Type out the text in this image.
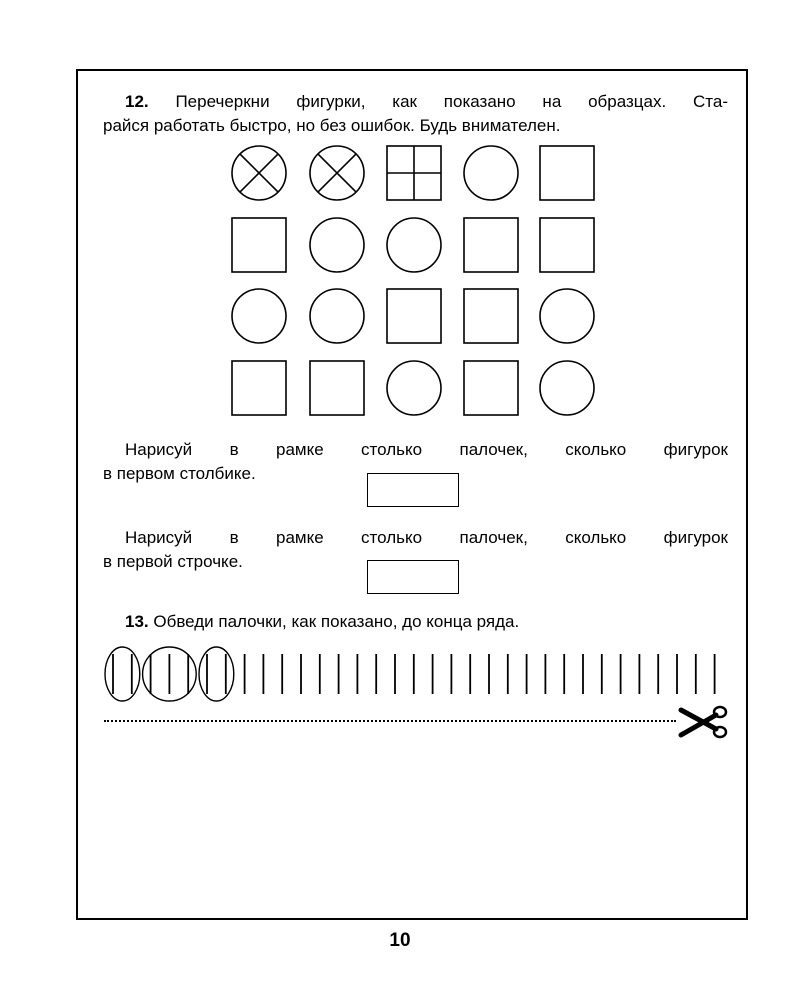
12. Перечеркни фигурки, как показано на образцах. Ста-
райся работать быстро, но без ошибок. Будь внимателен.
Нарисуй в рамке столько палочек, сколько фигурок
в первом столбике.
Нарисуй в рамке столько палочек, сколько фигурок
в первой строчке.
13. Обведи палочки, как показано, до конца ряда.
10
